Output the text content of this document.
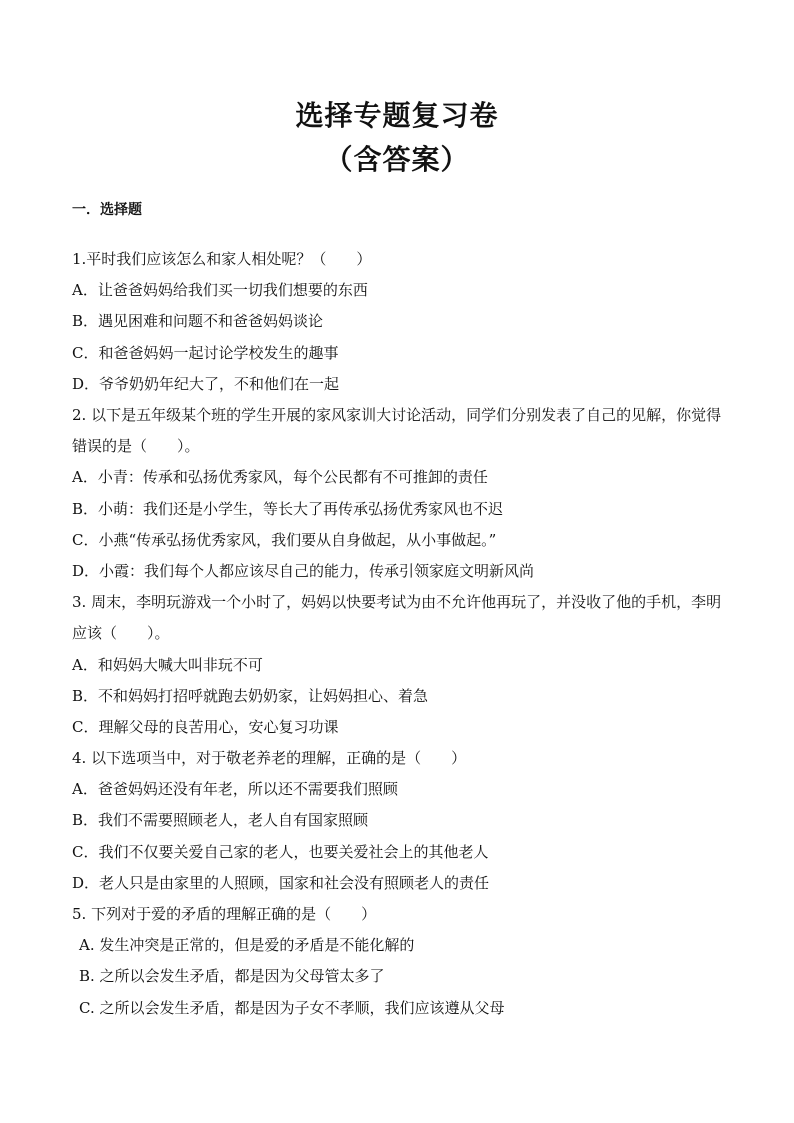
选择专题复习卷
（含答案）
一．选择题
1.平时我们应该怎么和家人相处呢？（　　）
A．让爸爸妈妈给我们买一切我们想要的东西
B．遇见困难和问题不和爸爸妈妈谈论
C．和爸爸妈妈一起讨论学校发生的趣事
D．爷爷奶奶年纪大了，不和他们在一起
2. 以下是五年级某个班的学生开展的家风家训大讨论活动，同学们分别发表了自己的见解，你觉得错误的是（　　）。
A．小青：传承和弘扬优秀家风，每个公民都有不可推卸的责任
B．小萌：我们还是小学生，等长大了再传承弘扬优秀家风也不迟
C．小燕“传承弘扬优秀家风，我们要从自身做起，从小事做起。”
D．小霞：我们每个人都应该尽自己的能力，传承引领家庭文明新风尚
3. 周末，李明玩游戏一个小时了，妈妈以快要考试为由不允许他再玩了，并没收了他的手机，李明应该（　　）。
A．和妈妈大喊大叫非玩不可
B．不和妈妈打招呼就跑去奶奶家，让妈妈担心、着急
C．理解父母的良苦用心，安心复习功课
4. 以下选项当中，对于敬老养老的理解，正确的是（　　）
A．爸爸妈妈还没有年老，所以还不需要我们照顾
B．我们不需要照顾老人，老人自有国家照顾
C．我们不仅要关爱自己家的老人，也要关爱社会上的其他老人
D．老人只是由家里的人照顾，国家和社会没有照顾老人的责任
5. 下列对于爱的矛盾的理解正确的是（　　）
A. 发生冲突是正常的，但是爱的矛盾是不能化解的
B. 之所以会发生矛盾，都是因为父母管太多了
C. 之所以会发生矛盾，都是因为子女不孝顺，我们应该遵从父母
